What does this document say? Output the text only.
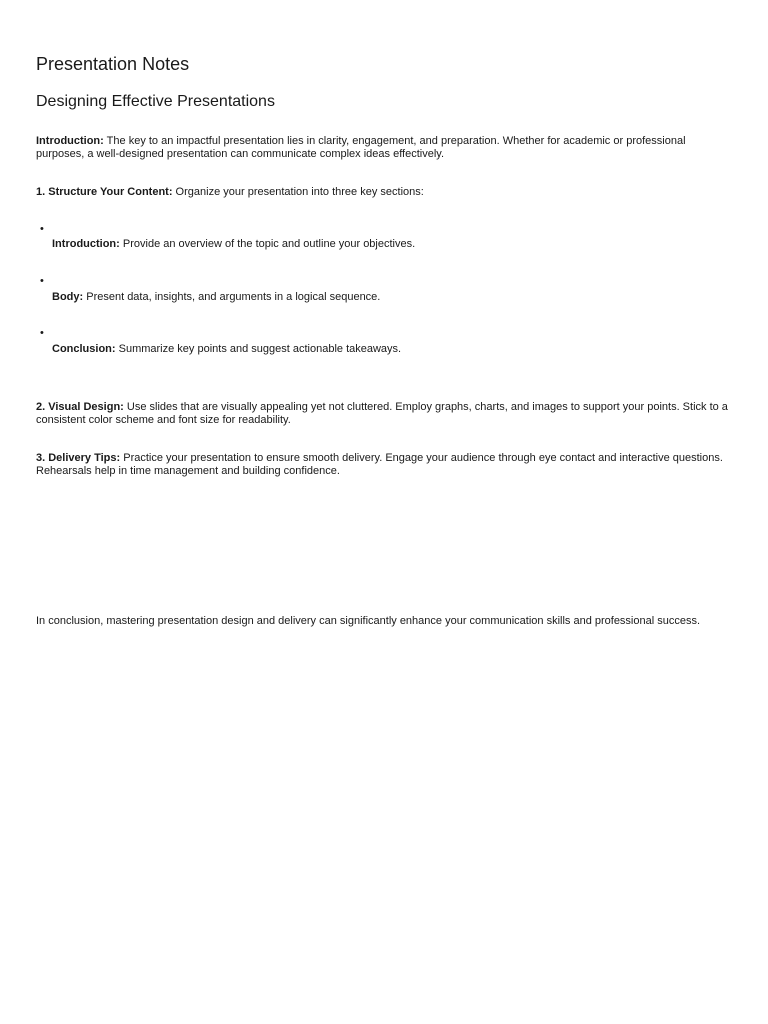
Presentation Notes
Designing Effective Presentations

Introduction: The key to an impactful presentation lies in clarity, engagement, and preparation. Whether for academic or professional purposes, a well-designed presentation can communicate complex ideas effectively.

1. Structure Your Content: Organize your presentation into three key sections:

•

Introduction: Provide an overview of the topic and outline your objectives.

•

Body: Present data, insights, and arguments in a logical sequence.

•

Conclusion: Summarize key points and suggest actionable takeaways.

2. Visual Design: Use slides that are visually appealing yet not cluttered. Employ graphs, charts, and images to support your points. Stick to a consistent color scheme and font size for readability.

3. Delivery Tips: Practice your presentation to ensure smooth delivery. Engage your audience through eye contact and interactive questions. Rehearsals help in time management and building confidence.

In conclusion, mastering presentation design and delivery can significantly enhance your communication skills and professional success.
